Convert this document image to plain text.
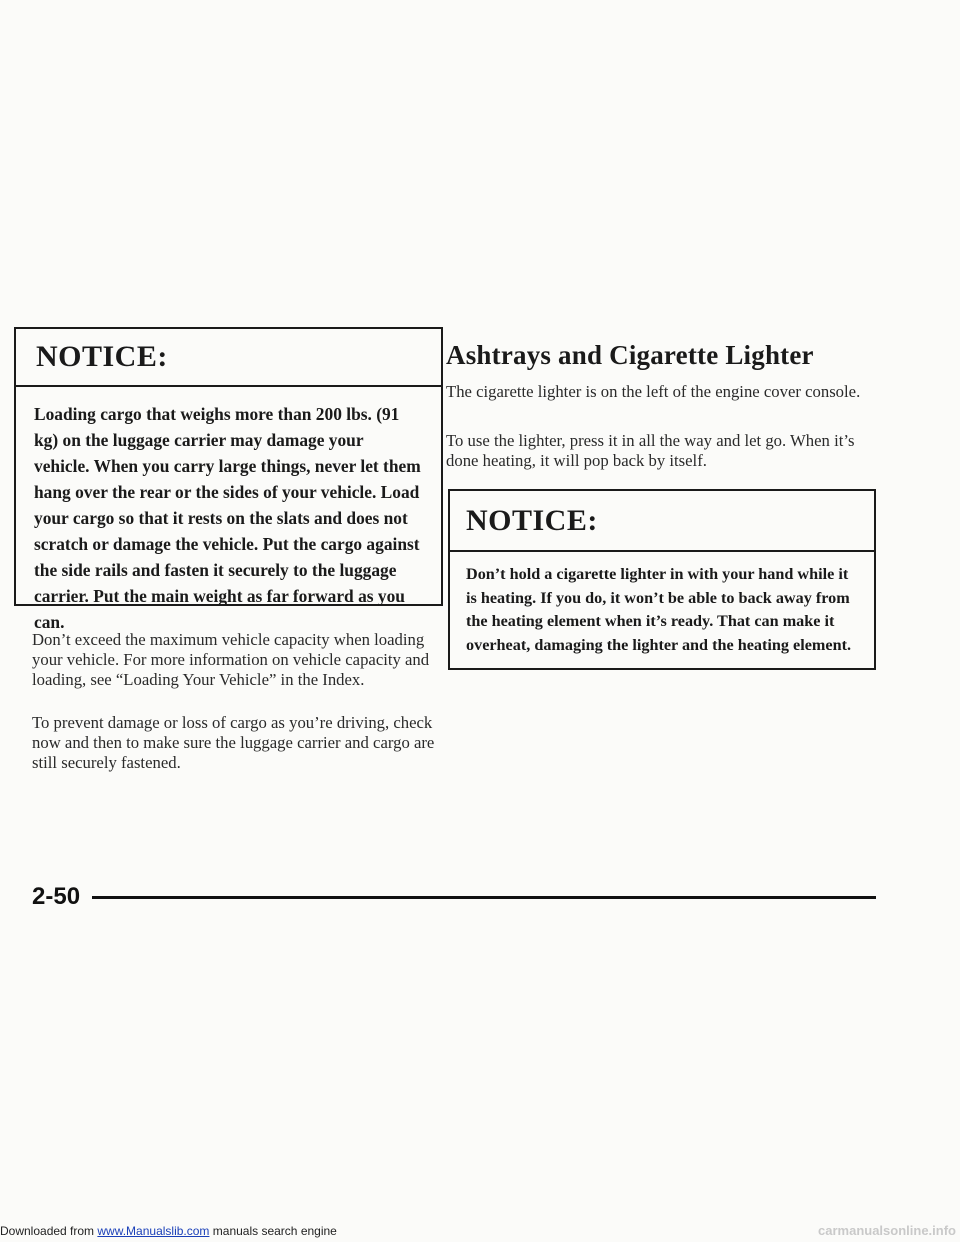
NOTICE:
Loading cargo that weighs more than 200 lbs. (91 kg) on the luggage carrier may damage your vehicle. When you carry large things, never let them hang over the rear or the sides of your vehicle. Load your cargo so that it rests on the slats and does not scratch or damage the vehicle. Put the cargo against the side rails and fasten it securely to the luggage carrier. Put the main weight as far forward as you can.

Don’t exceed the maximum vehicle capacity when loading your vehicle. For more information on vehicle capacity and loading, see “Loading Your Vehicle” in the Index.

To prevent damage or loss of cargo as you’re driving, check now and then to make sure the luggage carrier and cargo are still securely fastened.

Ashtrays and Cigarette Lighter

The cigarette lighter is on the left of the engine cover console.

To use the lighter, press it in all the way and let go. When it’s done heating, it will pop back by itself.

NOTICE:
Don’t hold a cigarette lighter in with your hand while it is heating. If you do, it won’t be able to back away from the heating element when it’s ready. That can make it overheat, damaging the lighter and the heating element.
2-50
Downloaded from www.Manualslib.com manuals search engine	carmanualsonline.info
